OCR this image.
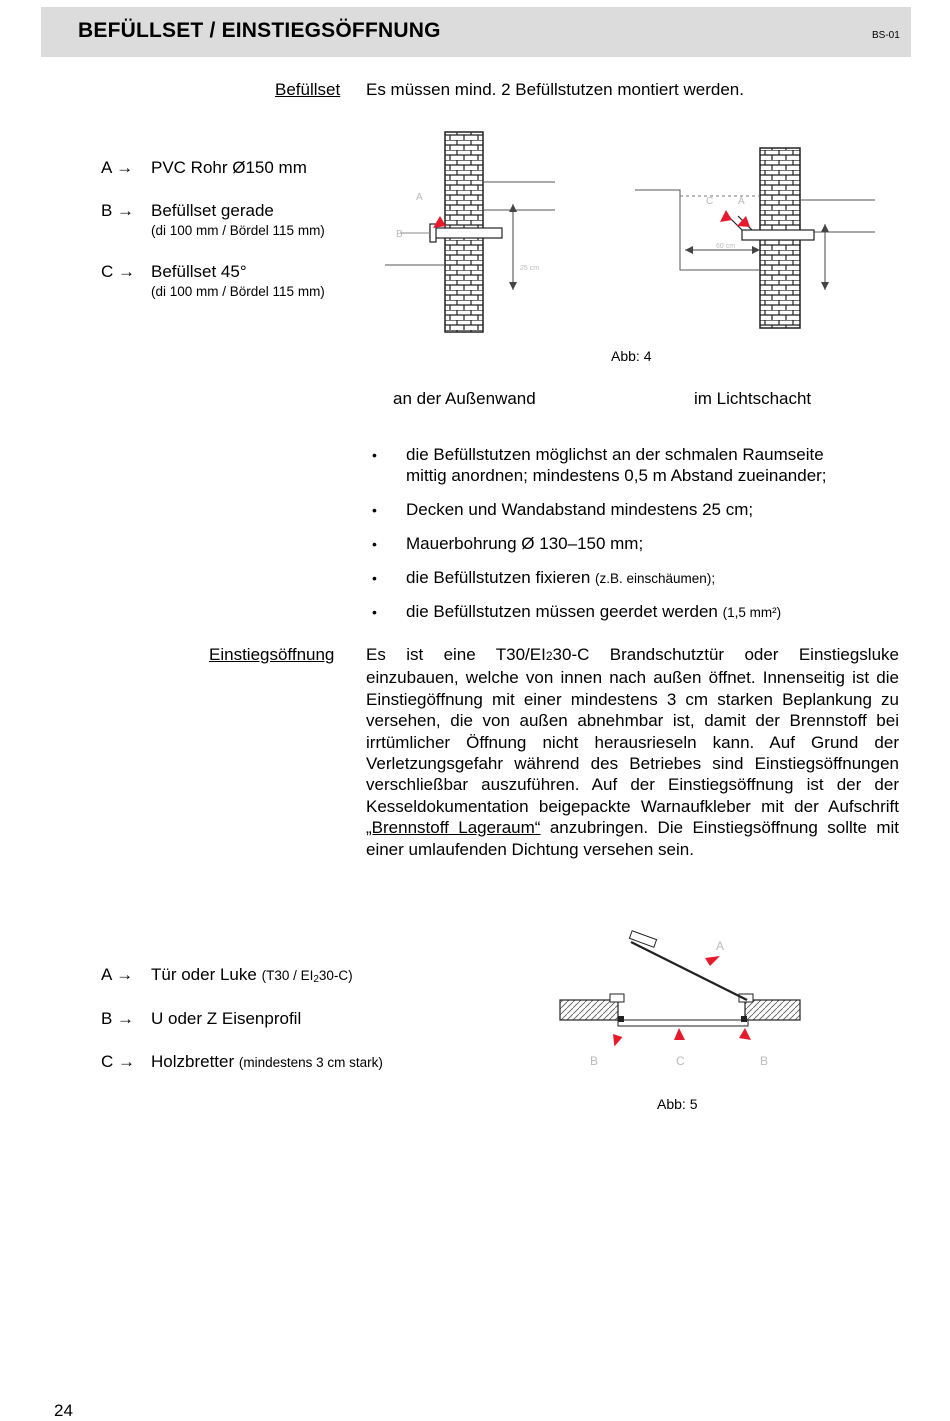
BEFÜLLSET / EINSTIEGSÖFFNUNG	BS-01
Befüllset Es müssen mind. 2 Befüllstutzen montiert werden.
A → PVC Rohr Ø150 mm
B → Befüllset gerade
(di 100 mm / Bördel 115 mm)
C → Befüllset 45°
(di 100 mm / Bördel 115 mm)
A
B
C A
60 cm
25 cm
Abb: 4
an der Außenwand	im Lichtschacht
• die Befüllstutzen möglichst an der schmalen Raumseite
mittig anordnen; mindestens 0,5 m Abstand zueinander;
• Decken und Wandabstand mindestens 25 cm;
• Mauerbohrung Ø 130–150 mm;
• die Befüllstutzen fixieren (z.B. einschäumen);
• die Befüllstutzen müssen geerdet werden (1,5 mm²)
Einstiegsöffnung Es ist eine T30/EI230-C Brandschutztür oder Einstiegsluke einzubauen, welche von innen nach außen öffnet. Innenseitig ist die Einstiegöffnung mit einer mindestens 3 cm starken Beplankung zu versehen, die von außen abnehmbar ist, damit der Brennstoff bei irrtümlicher Öffnung nicht herausrieseln kann. Auf Grund der Verletzungsgefahr während des Betriebes sind Einstiegsöffnungen verschließbar auszuführen. Auf der Einstiegsöffnung ist der der Kesseldokumentation beigepackte Warnaufkleber mit der Aufschrift „Brennstoff Lageraum“ anzubringen. Die Einstiegsöffnung sollte mit einer umlaufenden Dichtung versehen sein.
A → Tür oder Luke (T30 / EI230-C)
B → U oder Z Eisenprofil
C → Holzbretter (mindestens 3 cm stark)
A
B	C	B
Abb: 5
24
